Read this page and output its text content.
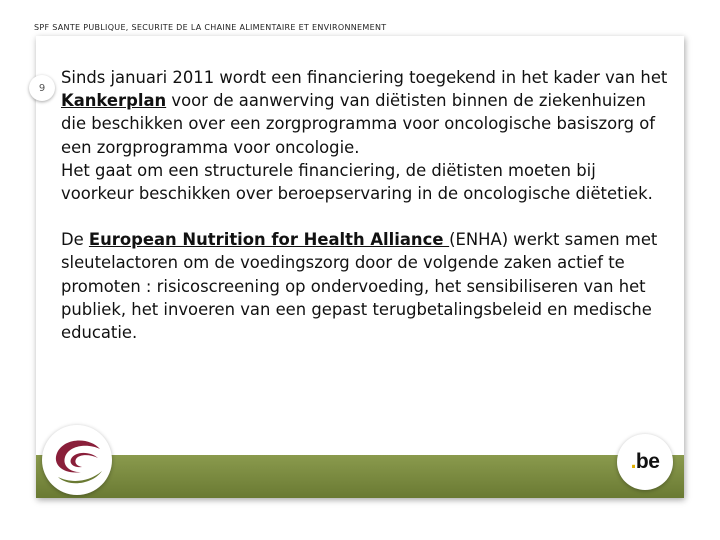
SPF SANTE PUBLIQUE, SECURITE DE LA CHAINE ALIMENTAIRE ET ENVIRONNEMENT
9

Sinds januari 2011 wordt een financiering toegekend in het kader van het Kankerplan voor de aanwerving van diëtisten binnen de ziekenhuizen die beschikken over een zorgprogramma voor oncologische basiszorg of een zorgprogramma voor oncologie.

Het gaat om een structurele financiering, de diëtisten moeten bij voorkeur beschikken over beroepservaring in de oncologische diëtetiek.

De European Nutrition for Health Alliance (ENHA) werkt samen met sleutelactoren om de voedingszorg door de volgende zaken actief te promoten : risicoscreening op ondervoeding, het sensibiliseren van het publiek, het invoeren van een gepast terugbetalingsbeleid en medische educatie.

.be
